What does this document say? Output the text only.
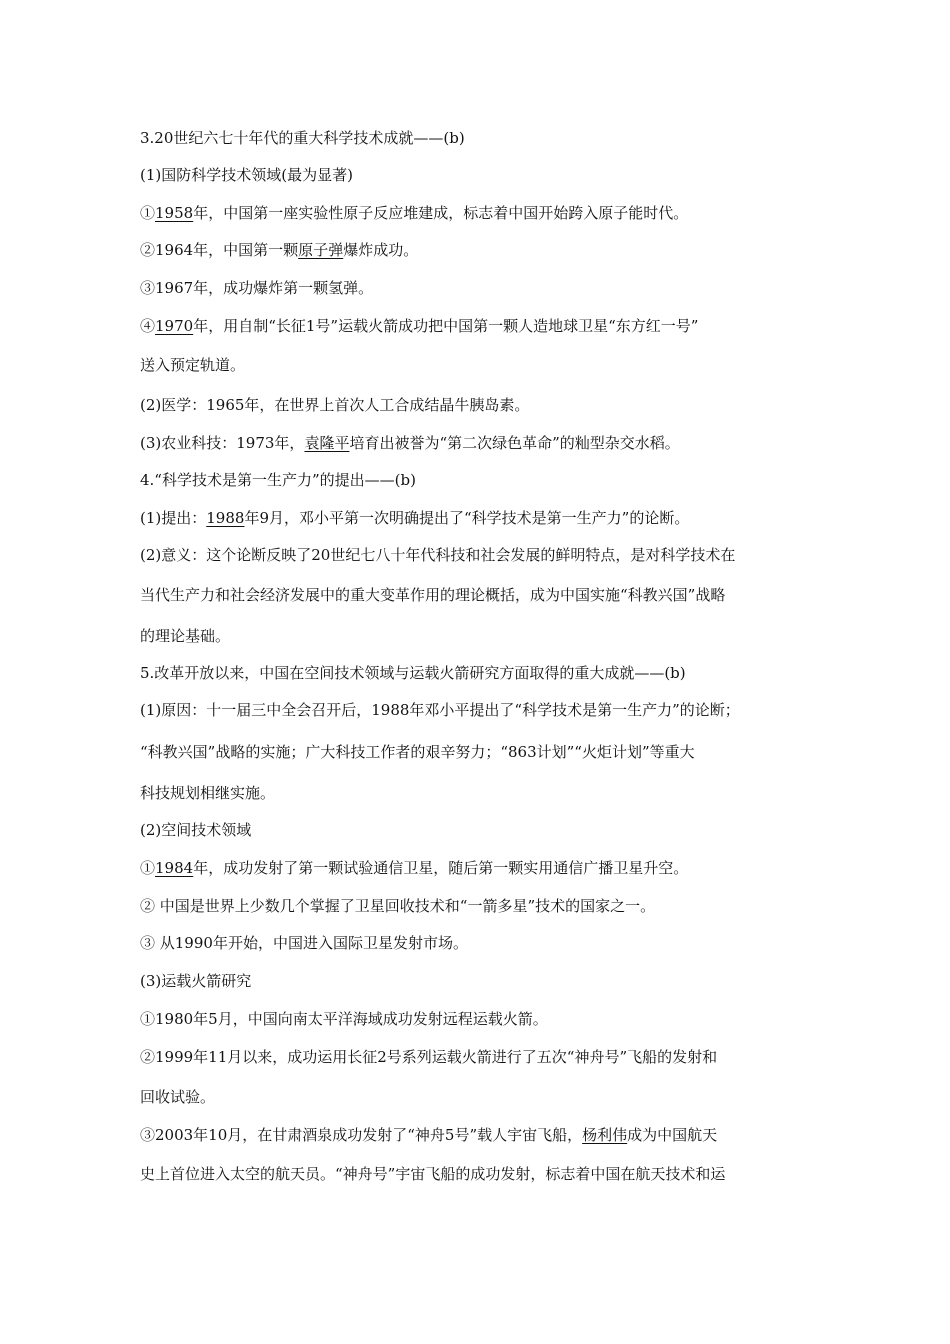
3.20世纪六七十年代的重大科学技术成就——(b)
(1)国防科学技术领域(最为显著)
①1958年，中国第一座实验性原子反应堆建成，标志着中国开始跨入原子能时代。
②1964年，中国第一颗原子弹爆炸成功。
③1967年，成功爆炸第一颗氢弹。
④1970年，用自制“长征1号”运载火箭成功把中国第一颗人造地球卫星“东方红一号”
送入预定轨道。
(2)医学：1965年，在世界上首次人工合成结晶牛胰岛素。
(3)农业科技：1973年，袁隆平培育出被誉为“第二次绿色革命”的籼型杂交水稻。
4.“科学技术是第一生产力”的提出——(b)
(1)提出：1988年9月，邓小平第一次明确提出了“科学技术是第一生产力”的论断。
(2)意义：这个论断反映了20世纪七八十年代科技和社会发展的鲜明特点，是对科学技术在
当代生产力和社会经济发展中的重大变革作用的理论概括，成为中国实施“科教兴国”战略
的理论基础。
5.改革开放以来，中国在空间技术领域与运载火箭研究方面取得的重大成就——(b)
(1)原因：十一届三中全会召开后，1988年邓小平提出了“科学技术是第一生产力”的论断；
“科教兴国”战略的实施；广大科技工作者的艰辛努力；“863计划”“火炬计划”等重大
科技规划相继实施。
(2)空间技术领域
①1984年，成功发射了第一颗试验通信卫星，随后第一颗实用通信广播卫星升空。
② 中国是世界上少数几个掌握了卫星回收技术和“一箭多星”技术的国家之一。
③ 从1990年开始，中国进入国际卫星发射市场。
(3)运载火箭研究
①1980年5月，中国向南太平洋海域成功发射远程运载火箭。
②1999年11月以来，成功运用长征2号系列运载火箭进行了五次“神舟号”飞船的发射和
回收试验。
③2003年10月，在甘肃酒泉成功发射了“神舟5号”载人宇宙飞船，杨利伟成为中国航天
史上首位进入太空的航天员。“神舟号”宇宙飞船的成功发射，标志着中国在航天技术和运
